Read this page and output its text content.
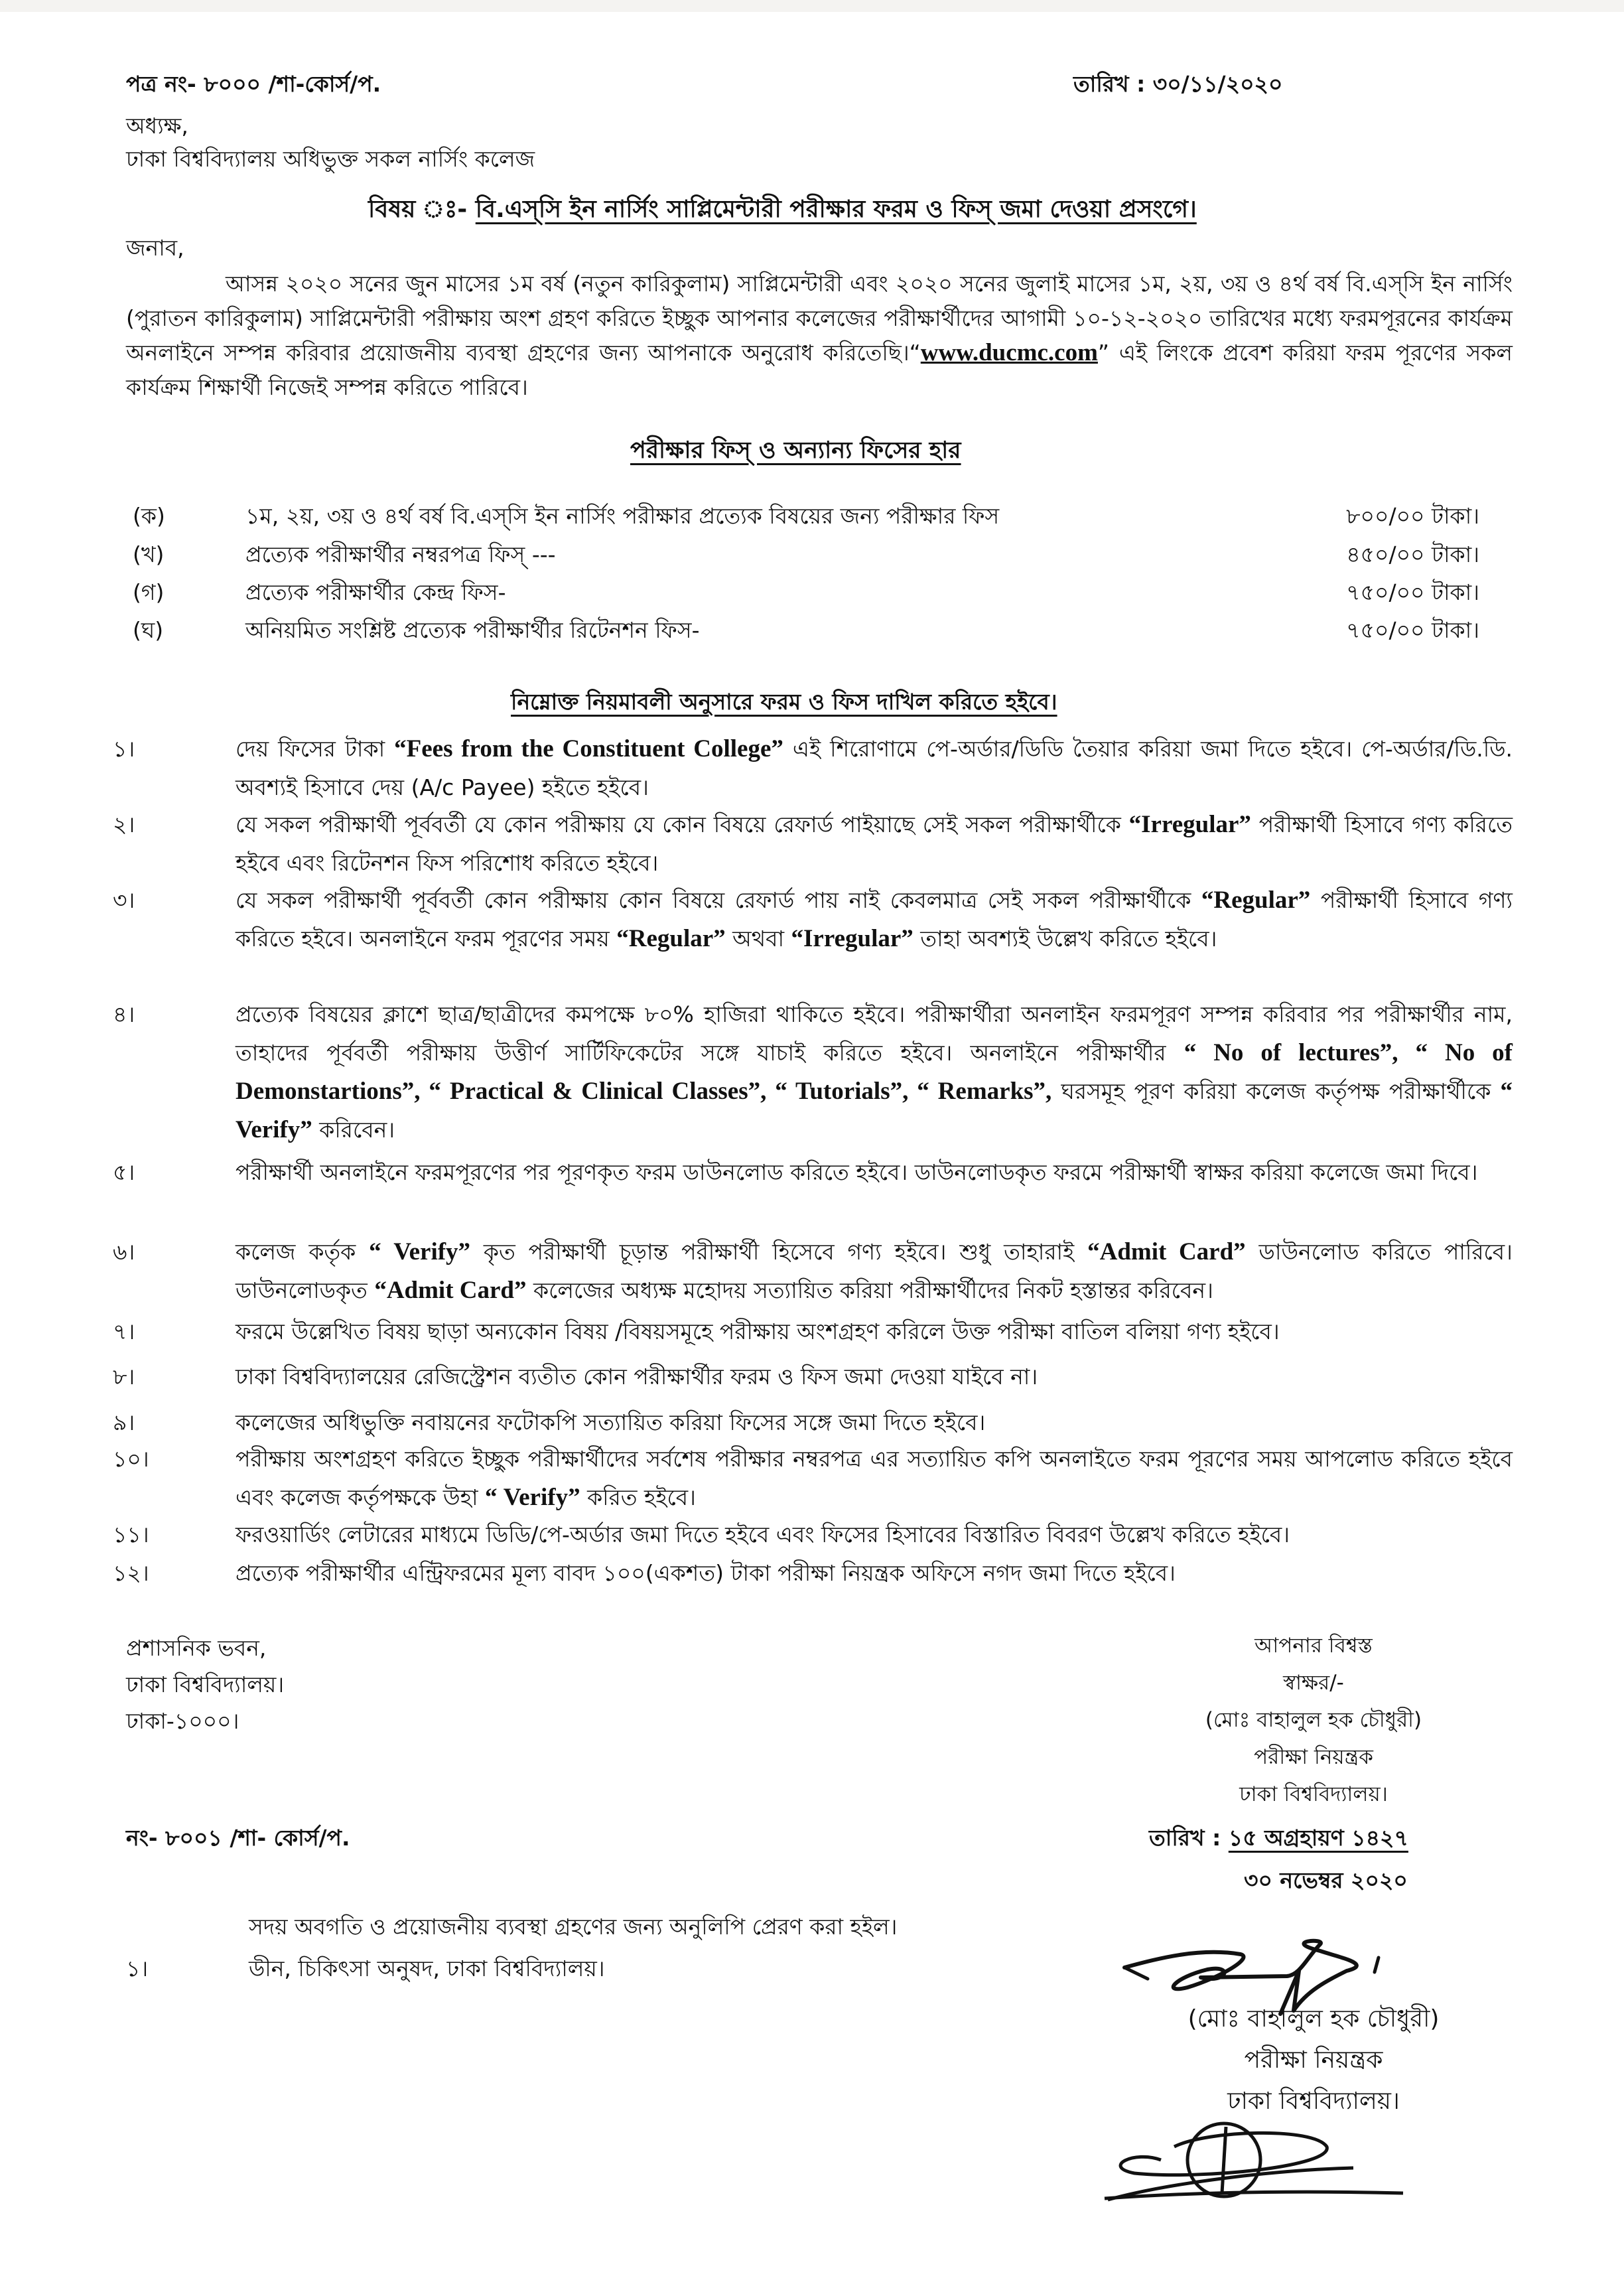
পত্র নং- ৮০০০ /শা-কোর্স/প.	তারিখ : ৩০/১১/২০২০
অধ্যক্ষ,
ঢাকা বিশ্ববিদ্যালয় অধিভুক্ত সকল নার্সিং কলেজ
বিষয় ঃ- বি.এস্‌সি ইন নার্সিং সাপ্লিমেন্টারী পরীক্ষার ফরম ও ফিস্‌ জমা দেওয়া প্রসংগে।
জনাব,
আসন্ন ২০২০ সনের জুন মাসের ১ম বর্ষ (নতুন কারিকুলাম) সাপ্লিমেন্টারী এবং ২০২০ সনের জুলাই মাসের ১ম, ২য়, ৩য় ও ৪র্থ বর্ষ বি.এস্‌সি ইন নার্সিং (পুরাতন কারিকুলাম) সাপ্লিমেন্টারী পরীক্ষায় অংশ গ্রহণ করিতে ইচ্ছুক আপনার কলেজের পরীক্ষার্থীদের আগামী ১০-১২-২০২০ তারিখের মধ্যে ফরমপূরনের কার্যক্রম অনলাইনে সম্পন্ন করিবার প্রয়োজনীয় ব্যবস্থা গ্রহণের জন্য আপনাকে অনুরোধ করিতেছি।“www.ducmc.com” এই লিংকে প্রবেশ করিয়া ফরম পূরণের সকল কার্যক্রম শিক্ষার্থী নিজেই সম্পন্ন করিতে পারিবে।
পরীক্ষার ফিস্‌ ও অন্যান্য ফিসের হার
(ক)	১ম, ২য়, ৩য় ও ৪র্থ বর্ষ বি.এস্‌সি ইন নার্সিং পরীক্ষার প্রত্যেক বিষয়ের জন্য পরীক্ষার ফিস	৮০০/০০ টাকা।
(খ)	প্রত্যেক পরীক্ষার্থীর নম্বরপত্র ফিস্‌ ---	৪৫০/০০ টাকা।
(গ)	প্রত্যেক পরীক্ষার্থীর কেন্দ্র ফিস-	৭৫০/০০ টাকা।
(ঘ)	অনিয়মিত সংশ্লিষ্ট প্রত্যেক পরীক্ষার্থীর রিটেনশন ফিস-	৭৫০/০০ টাকা।
নিম্নোক্ত নিয়মাবলী অনুসারে ফরম ও ফিস দাখিল করিতে হইবে।
১।	দেয় ফিসের টাকা “Fees from the Constituent College” এই শিরোণামে পে-অর্ডার/ডিডি তৈয়ার করিয়া জমা দিতে হইবে। পে-অর্ডার/ডি.ডি. অবশ্যই হিসাবে দেয় (A/c Payee) হইতে হইবে।
২।	যে সকল পরীক্ষার্থী পূর্ববর্তী যে কোন পরীক্ষায় যে কোন বিষয়ে রেফার্ড পাইয়াছে সেই সকল পরীক্ষার্থীকে “Irregular” পরীক্ষার্থী হিসাবে গণ্য করিতে হইবে এবং রিটেনশন ফিস পরিশোধ করিতে হইবে।
৩।	যে সকল পরীক্ষার্থী পূর্ববর্তী কোন পরীক্ষায় কোন বিষয়ে রেফার্ড পায় নাই কেবলমাত্র সেই সকল পরীক্ষার্থীকে “Regular” পরীক্ষার্থী হিসাবে গণ্য করিতে হইবে। অনলাইনে ফরম পূরণের সময় “Regular” অথবা “Irregular” তাহা অবশ্যই উল্লেখ করিতে হইবে।
৪।	প্রত্যেক বিষয়ের ক্লাশে ছাত্র/ছাত্রীদের কমপক্ষে ৮০% হাজিরা থাকিতে হইবে। পরীক্ষার্থীরা অনলাইন ফরমপূরণ সম্পন্ন করিবার পর পরীক্ষার্থীর নাম, তাহাদের পূর্ববর্তী পরীক্ষায় উত্তীর্ণ সার্টিফিকেটের সঙ্গে যাচাই করিতে হইবে। অনলাইনে পরীক্ষার্থীর “ No of lectures”, “ No of Demonstartions”, “ Practical & Clinical Classes”, “ Tutorials”, “ Remarks”, ঘরসমূহ পূরণ করিয়া কলেজ কর্তৃপক্ষ পরীক্ষার্থীকে “ Verify” করিবেন।
৫।	পরীক্ষার্থী অনলাইনে ফরমপূরণের পর পূরণকৃত ফরম ডাউনলোড করিতে হইবে। ডাউনলোডকৃত ফরমে পরীক্ষার্থী স্বাক্ষর করিয়া কলেজে জমা দিবে।
৬।	কলেজ কর্তৃক “ Verify” কৃত পরীক্ষার্থী চূড়ান্ত পরীক্ষার্থী হিসেবে গণ্য হইবে। শুধু তাহারাই “Admit Card” ডাউনলোড করিতে পারিবে। ডাউনলোডকৃত “Admit Card” কলেজের অধ্যক্ষ মহোদয় সত্যায়িত করিয়া পরীক্ষার্থীদের নিকট হস্তান্তর করিবেন।
৭।	ফরমে উল্লেখিত বিষয় ছাড়া অন্যকোন বিষয় /বিষয়সমূহে পরীক্ষায় অংশগ্রহণ করিলে উক্ত পরীক্ষা বাতিল বলিয়া গণ্য হইবে।
৮।	ঢাকা বিশ্ববিদ্যালয়ের রেজিস্ট্রেশন ব্যতীত কোন পরীক্ষার্থীর ফরম ও ফিস জমা দেওয়া যাইবে না।
৯।	কলেজের অধিভুক্তি নবায়নের ফটোকপি সত্যায়িত করিয়া ফিসের সঙ্গে জমা দিতে হইবে।
১০।	পরীক্ষায় অংশগ্রহণ করিতে ইচ্ছুক পরীক্ষার্থীদের সর্বশেষ পরীক্ষার নম্বরপত্র এর সত্যায়িত কপি অনলাইতে ফরম পূরণের সময় আপলোড করিতে হইবে এবং কলেজ কর্তৃপক্ষকে উহা “ Verify” করিত হইবে।
১১।	ফরওয়ার্ডিং লেটারের মাধ্যমে ডিডি/পে-অর্ডার জমা দিতে হইবে এবং ফিসের হিসাবের বিস্তারিত বিবরণ উল্লেখ করিতে হইবে।
১২।	প্রত্যেক পরীক্ষার্থীর এন্ট্রিফরমের মূল্য বাবদ ১০০(একশত) টাকা পরীক্ষা নিয়ন্ত্রক অফিসে নগদ জমা দিতে হইবে।
প্রশাসনিক ভবন,
ঢাকা বিশ্ববিদ্যালয়।
ঢাকা-১০০০।
আপনার বিশ্বস্ত
স্বাক্ষর/-
(মোঃ বাহালুল হক চৌধুরী)
পরীক্ষা নিয়ন্ত্রক
ঢাকা বিশ্ববিদ্যালয়।
নং- ৮০০১ /শা- কোর্স/প.	তারিখ : ১৫ অগ্রহায়ণ ১৪২৭
৩০ নভেম্বর ২০২০
সদয় অবগতি ও প্রয়োজনীয় ব্যবস্থা গ্রহণের জন্য অনুলিপি প্রেরণ করা হইল।
১।	ডীন, চিকিৎসা অনুষদ, ঢাকা বিশ্ববিদ্যালয়।
(মোঃ বাহালুল হক চৌধুরী)
পরীক্ষা নিয়ন্ত্রক
ঢাকা বিশ্ববিদ্যালয়।
